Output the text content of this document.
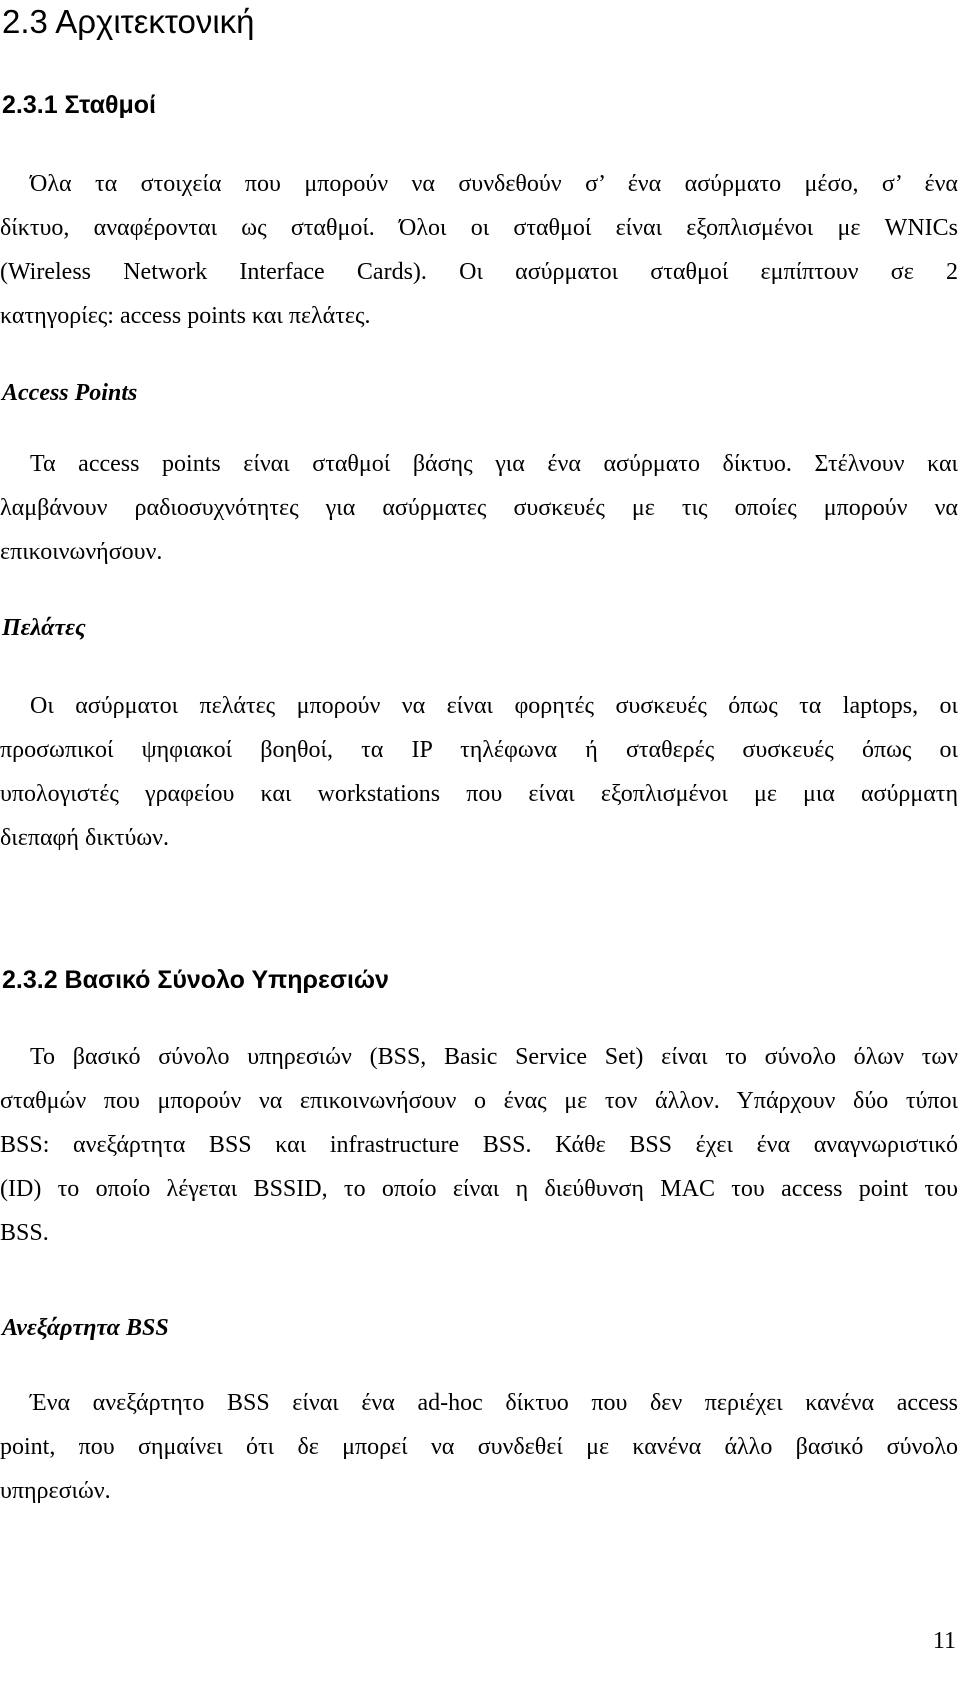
2.3 Αρχιτεκτονική
2.3.1 Σταθμοί

Όλα τα στοιχεία που μπορούν να συνδεθούν σ’ ένα ασύρματο μέσο, σ’ ένα
δίκτυο, αναφέρονται ως σταθμοί. Όλοι οι σταθμοί είναι εξοπλισμένοι με WNICs
(Wireless Network Interface Cards). Οι ασύρματοι σταθμοί εμπίπτουν σε 2
κατηγορίες: access points και πελάτες.

Access Points

Τα access points είναι σταθμοί βάσης για ένα ασύρματο δίκτυο. Στέλνουν και
λαμβάνουν ραδιοσυχνότητες για ασύρματες συσκευές με τις οποίες μπορούν να
επικοινωνήσουν.

Πελάτες

Οι ασύρματοι πελάτες μπορούν να είναι φορητές συσκευές όπως τα laptops, οι
προσωπικοί ψηφιακοί βοηθοί, τα IP τηλέφωνα ή σταθερές συσκευές όπως οι
υπολογιστές γραφείου και workstations που είναι εξοπλισμένοι με μια ασύρματη
διεπαφή δικτύων.

2.3.2 Βασικό Σύνολο Υπηρεσιών

Το βασικό σύνολο υπηρεσιών (BSS, Basic Service Set) είναι το σύνολο όλων των
σταθμών που μπορούν να επικοινωνήσουν ο ένας με τον άλλον. Υπάρχουν δύο τύποι
BSS: ανεξάρτητα BSS και infrastructure BSS. Κάθε BSS έχει ένα αναγνωριστικό
(ID) το οποίο λέγεται BSSID, το οποίο είναι η διεύθυνση MAC του access point του
BSS.

Ανεξάρτητα BSS

Ένα ανεξάρτητο BSS είναι ένα ad-hoc δίκτυο που δεν περιέχει κανένα access
point, που σημαίνει ότι δε μπορεί να συνδεθεί με κανένα άλλο βασικό σύνολο
υπηρεσιών.

11
